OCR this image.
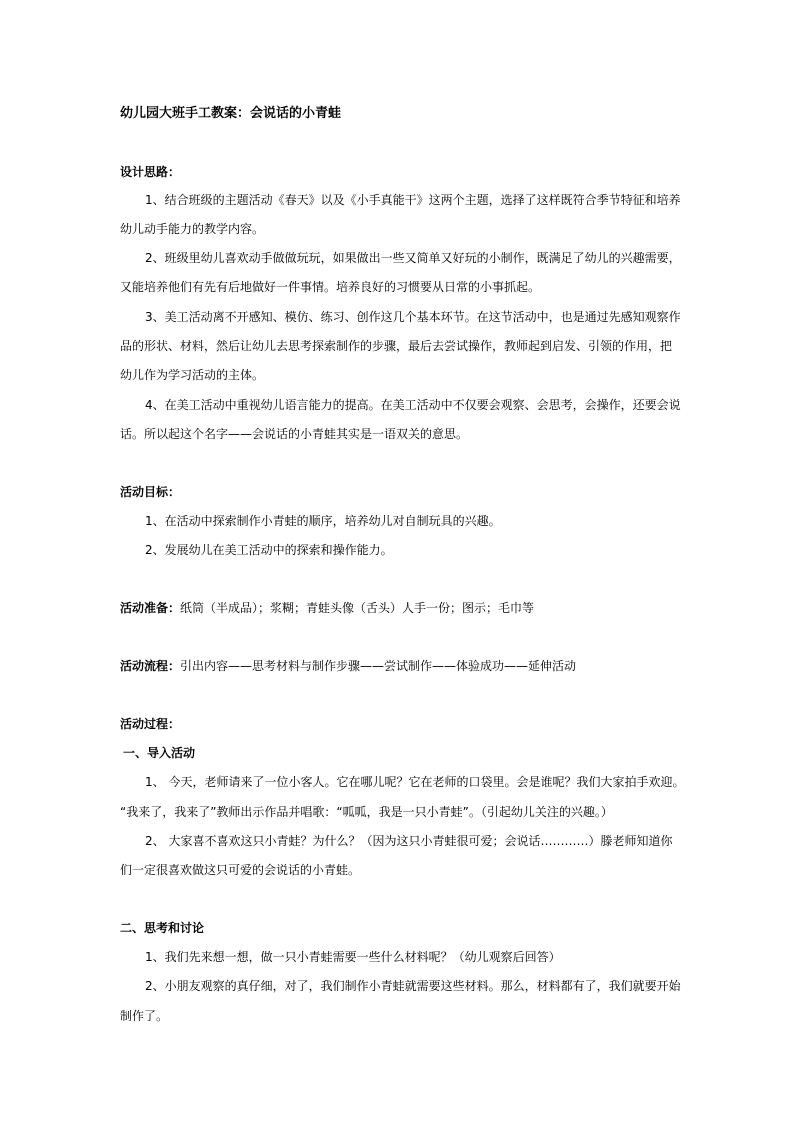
幼儿园大班手工教案：会说话的小青蛙
设计思路：
1、结合班级的主题活动《春天》以及《小手真能干》这两个主题，选择了这样既符合季节特征和培养
幼儿动手能力的教学内容。
2、班级里幼儿喜欢动手做做玩玩，如果做出一些又简单又好玩的小制作，既满足了幼儿的兴趣需要，
又能培养他们有先有后地做好一件事情。培养良好的习惯要从日常的小事抓起。
3、美工活动离不开感知、模仿、练习、创作这几个基本环节。在这节活动中，也是通过先感知观察作
品的形状、材料，然后让幼儿去思考探索制作的步骤，最后去尝试操作，教师起到启发、引领的作用，把
幼儿作为学习活动的主体。
4、在美工活动中重视幼儿语言能力的提高。在美工活动中不仅要会观察、会思考，会操作，还要会说
话。所以起这个名字——会说话的小青蛙其实是一语双关的意思。
活动目标：
1、在活动中探索制作小青蛙的顺序，培养幼儿对自制玩具的兴趣。
2、发展幼儿在美工活动中的探索和操作能力。
活动准备：纸筒（半成品）；浆糊；青蛙头像（舌头）人手一份；图示；毛巾等
活动流程：引出内容——思考材料与制作步骤——尝试制作——体验成功——延伸活动
活动过程：
一、导入活动
1、 今天，老师请来了一位小客人。它在哪儿呢？它在老师的口袋里。会是谁呢？我们大家拍手欢迎。
“我来了，我来了”教师出示作品并唱歌：“呱呱，我是一只小青蛙”。（引起幼儿关注的兴趣。）
2、 大家喜不喜欢这只小青蛙？为什么？（因为这只小青蛙很可爱；会说话…………）滕老师知道你
们一定很喜欢做这只可爱的会说话的小青蛙。
二、思考和讨论
1、我们先来想一想，做一只小青蛙需要一些什么材料呢？（幼儿观察后回答）
2、小朋友观察的真仔细，对了，我们制作小青蛙就需要这些材料。那么，材料都有了，我们就要开始
制作了。
